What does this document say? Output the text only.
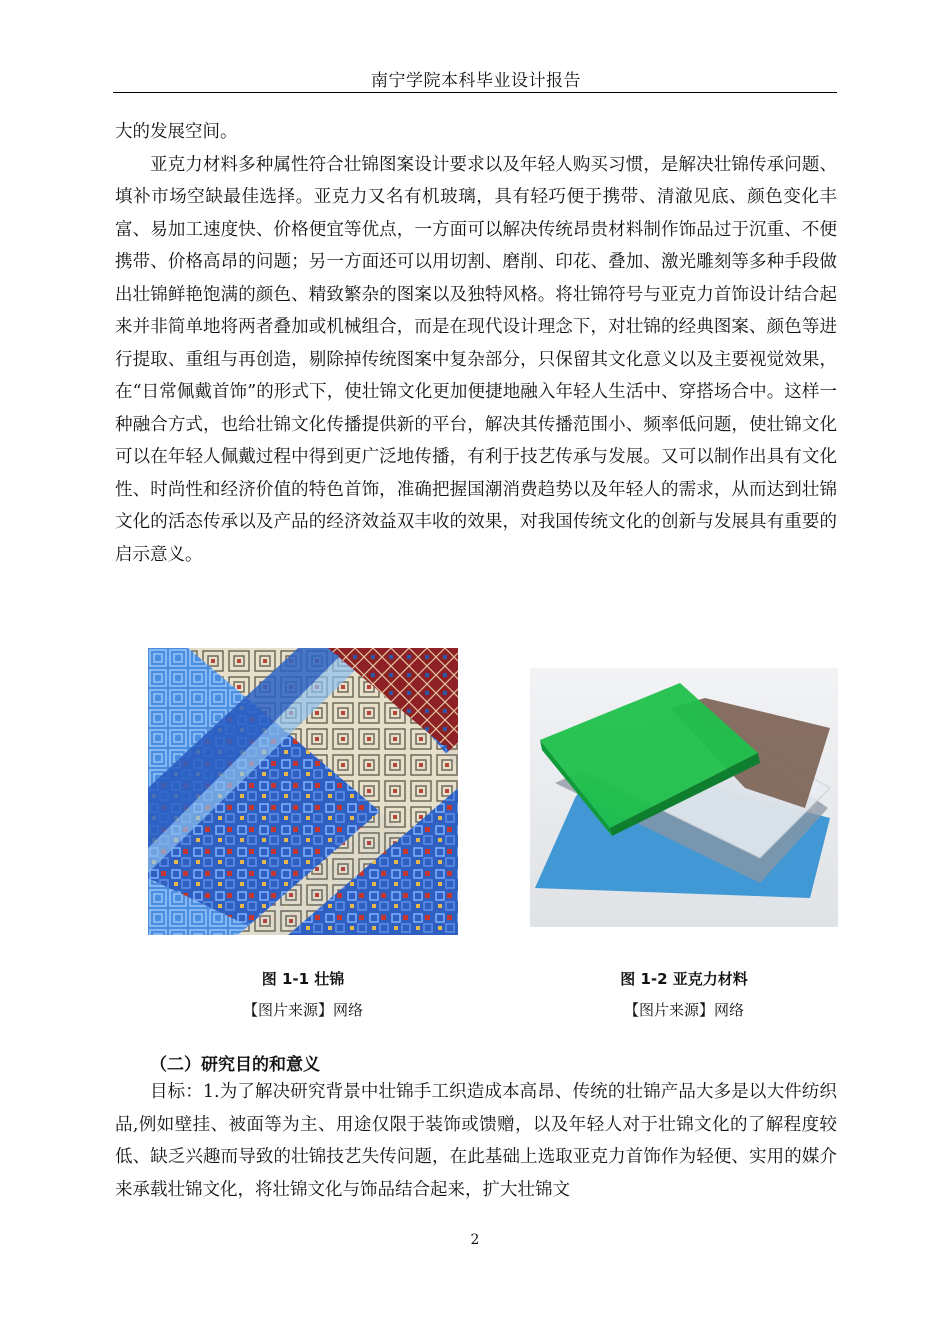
南宁学院本科毕业设计报告

大的发展空间。

亚克力材料多种属性符合壮锦图案设计要求以及年轻人购买习惯，是解决壮锦传承问题、填补市场空缺最佳选择。亚克力又名有机玻璃，具有轻巧便于携带、清澈见底、颜色变化丰富、易加工速度快、价格便宜等优点，一方面可以解决传统昂贵材料制作饰品过于沉重、不便携带、价格高昂的问题；另一方面还可以用切割、磨削、印花、叠加、激光雕刻等多种手段做出壮锦鲜艳饱满的颜色、精致繁杂的图案以及独特风格。将壮锦符号与亚克力首饰设计结合起来并非简单地将两者叠加或机械组合，而是在现代设计理念下，对壮锦的经典图案、颜色等进行提取、重组与再创造，剔除掉传统图案中复杂部分，只保留其文化意义以及主要视觉效果，在“日常佩戴首饰”的形式下，使壮锦文化更加便捷地融入年轻人生活中、穿搭场合中。这样一种融合方式，也给壮锦文化传播提供新的平台，解决其传播范围小、频率低问题，使壮锦文化可以在年轻人佩戴过程中得到更广泛地传播，有利于技艺传承与发展。又可以制作出具有文化性、时尚性和经济价值的特色首饰，准确把握国潮消费趋势以及年轻人的需求，从而达到壮锦文化的活态传承以及产品的经济效益双丰收的效果，对我国传统文化的创新与发展具有重要的启示意义。

图 1-1 壮锦
【图片来源】网络
图 1-2 亚克力材料
【图片来源】网络
（二）研究目的和意义

目标：1.为了解决研究背景中壮锦手工织造成本高昂、传统的壮锦产品大多是以大件纺织品,例如壁挂、被面等为主、用途仅限于装饰或馈赠，以及年轻人对于壮锦文化的了解程度较低、缺乏兴趣而导致的壮锦技艺失传问题，在此基础上选取亚克力首饰作为轻便、实用的媒介来承载壮锦文化，将壮锦文化与饰品结合起来，扩大壮锦文

2
